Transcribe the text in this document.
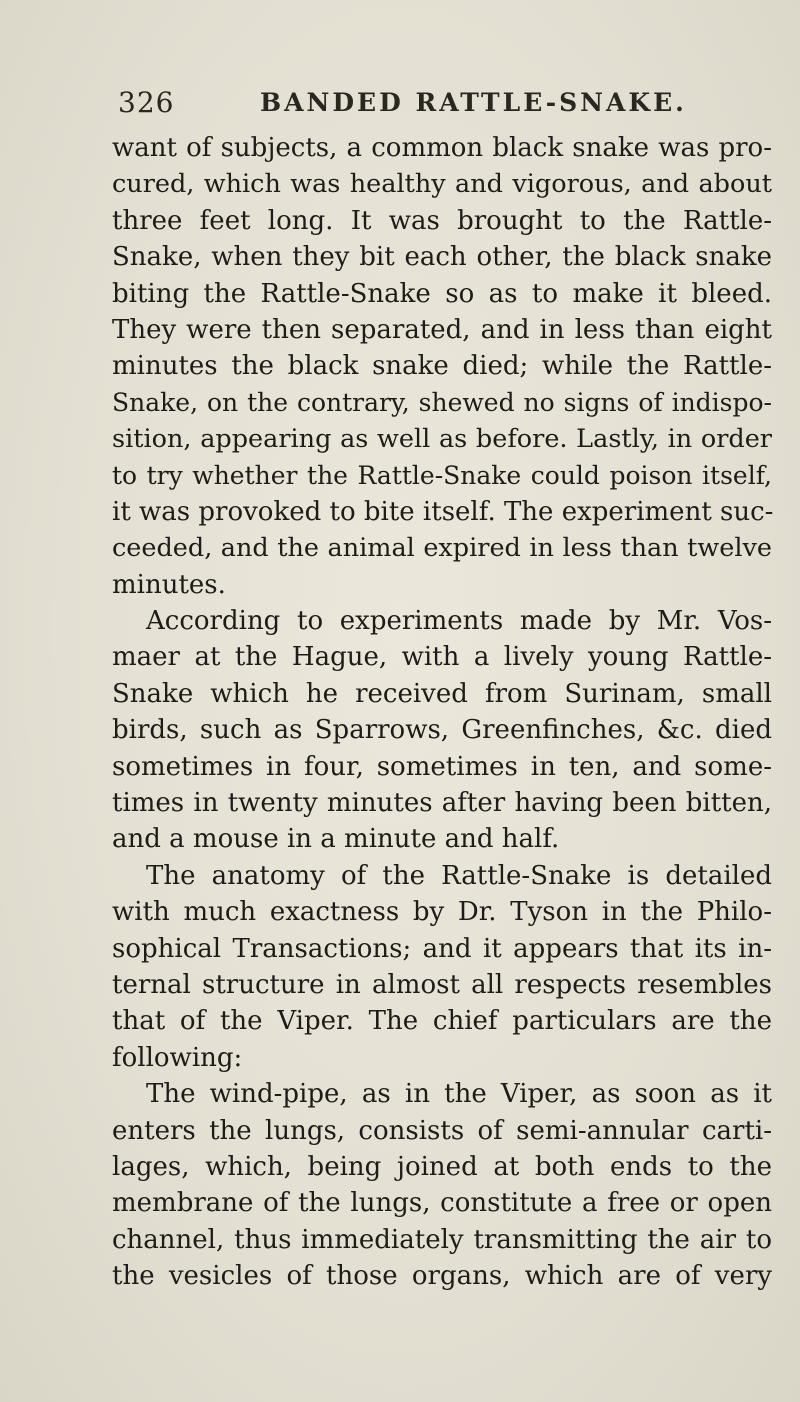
326	BANDED RATTLE-SNAKE.
want of subjects, a common black snake was pro-
cured, which was healthy and vigorous, and about
three feet long. It was brought to the Rattle-
Snake, when they bit each other, the black snake
biting the Rattle-Snake so as to make it bleed.
They were then separated, and in less than eight
minutes the black snake died; while the Rattle-
Snake, on the contrary, shewed no signs of indispo-
sition, appearing as well as before. Lastly, in order
to try whether the Rattle-Snake could poison itself,
it was provoked to bite itself. The experiment suc-
ceeded, and the animal expired in less than twelve
minutes.
According to experiments made by Mr. Vos-
maer at the Hague, with a lively young Rattle-
Snake which he received from Surinam, small
birds, such as Sparrows, Greenfinches, &c. died
sometimes in four, sometimes in ten, and some-
times in twenty minutes after having been bitten,
and a mouse in a minute and half.
The anatomy of the Rattle-Snake is detailed
with much exactness by Dr. Tyson in the Philo-
sophical Transactions; and it appears that its in-
ternal structure in almost all respects resembles
that of the Viper. The chief particulars are the
following:
The wind-pipe, as in the Viper, as soon as it
enters the lungs, consists of semi-annular carti-
lages, which, being joined at both ends to the
membrane of the lungs, constitute a free or open
channel, thus immediately transmitting the air to
the vesicles of those organs, which are of very
